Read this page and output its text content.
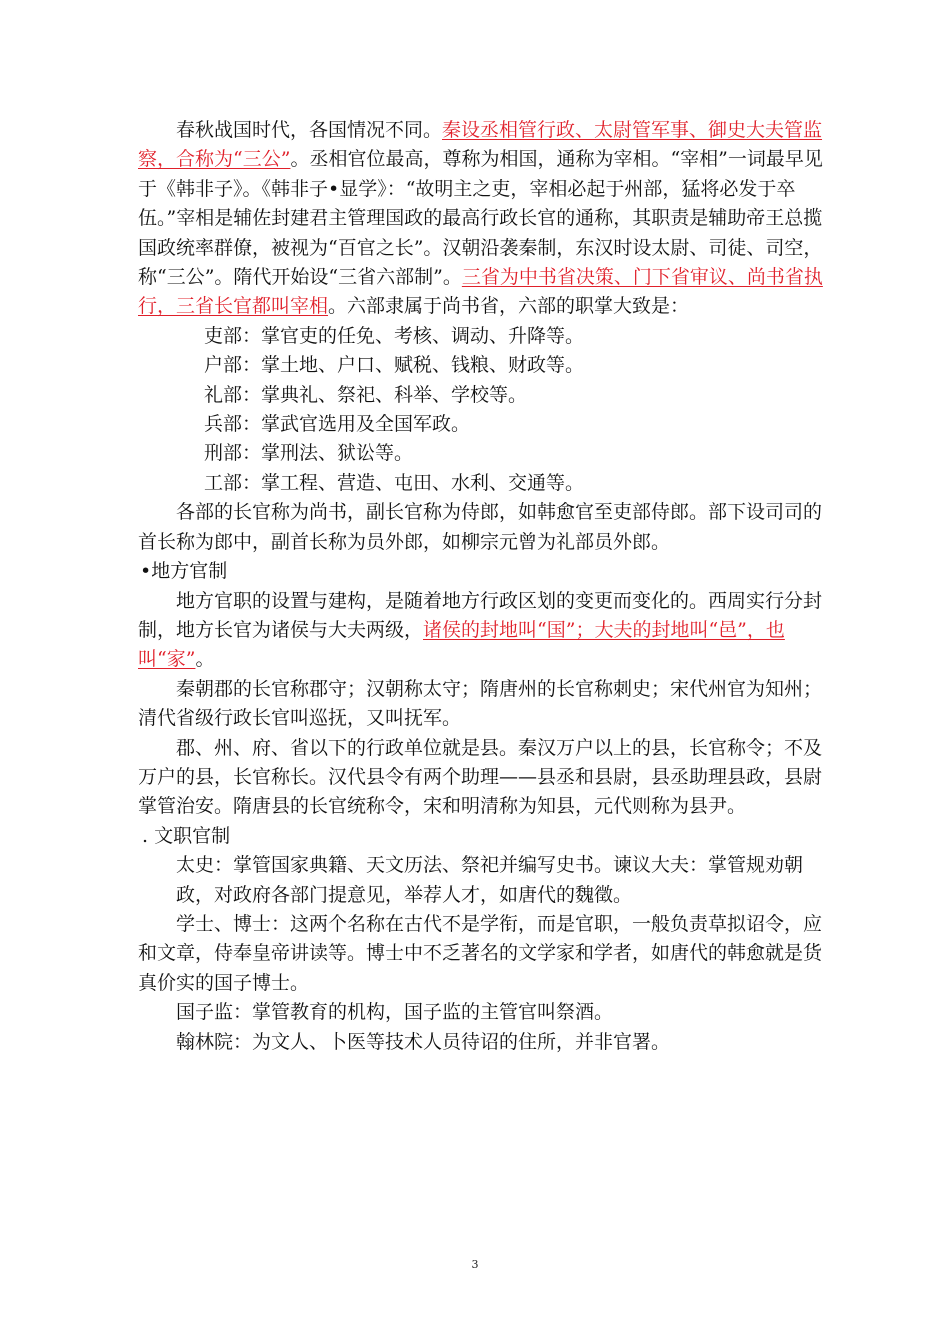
春秋战国时代，各国情况不同。秦设丞相管行政、太尉管军事、御史大夫管监察，合称为“三公”。丞相官位最高，尊称为相国，通称为宰相。“宰相”一词最早见于《韩非子》。《韩非子•显学》：“故明主之吏，宰相必起于州部，猛将必发于卒伍。”宰相是辅佐封建君主管理国政的最高行政长官的通称，其职责是辅助帝王总揽国政统率群僚，被视为“百官之长”。汉朝沿袭秦制，东汉时设太尉、司徒、司空，称“三公”。隋代开始设“三省六部制”。三省为中书省决策、门下省审议、尚书省执行，三省长官都叫宰相。六部隶属于尚书省，六部的职掌大致是：

吏部：掌官吏的任免、考核、调动、升降等。

户部：掌土地、户口、赋税、钱粮、财政等。

礼部：掌典礼、祭祀、科举、学校等。

兵部：掌武官选用及全国军政。

刑部：掌刑法、狱讼等。

工部：掌工程、营造、屯田、水利、交通等。

各部的长官称为尚书，副长官称为侍郎，如韩愈官至吏部侍郎。部下设司司的首长称为郎中，副首长称为员外郎，如柳宗元曾为礼部员外郎。

•地方官制

地方官职的设置与建构，是随着地方行政区划的变更而变化的。西周实行分封制，地方长官为诸侯与大夫两级，诸侯的封地叫“国”；大夫的封地叫“邑”，也叫“家”。

秦朝郡的长官称郡守；汉朝称太守；隋唐州的长官称刺史；宋代州官为知州；清代省级行政长官叫巡抚，又叫抚军。

郡、州、府、省以下的行政单位就是县。秦汉万户以上的县，长官称令；不及万户的县，长官称长。汉代县令有两个助理——县丞和县尉，县丞助理县政，县尉掌管治安。隋唐县的长官统称令，宋和明清称为知县，元代则称为县尹。

. 文职官制

太史：掌管国家典籍、天文历法、祭祀并编写史书。谏议大夫：掌管规劝朝政，对政府各部门提意见，举荐人才，如唐代的魏徵。

学士、博士：这两个名称在古代不是学衔，而是官职，一般负责草拟诏令，应和文章，侍奉皇帝讲读等。博士中不乏著名的文学家和学者，如唐代的韩愈就是货真价实的国子博士。

国子监：掌管教育的机构，国子监的主管官叫祭酒。

翰林院：为文人、卜医等技术人员待诏的住所，并非官署。

3
